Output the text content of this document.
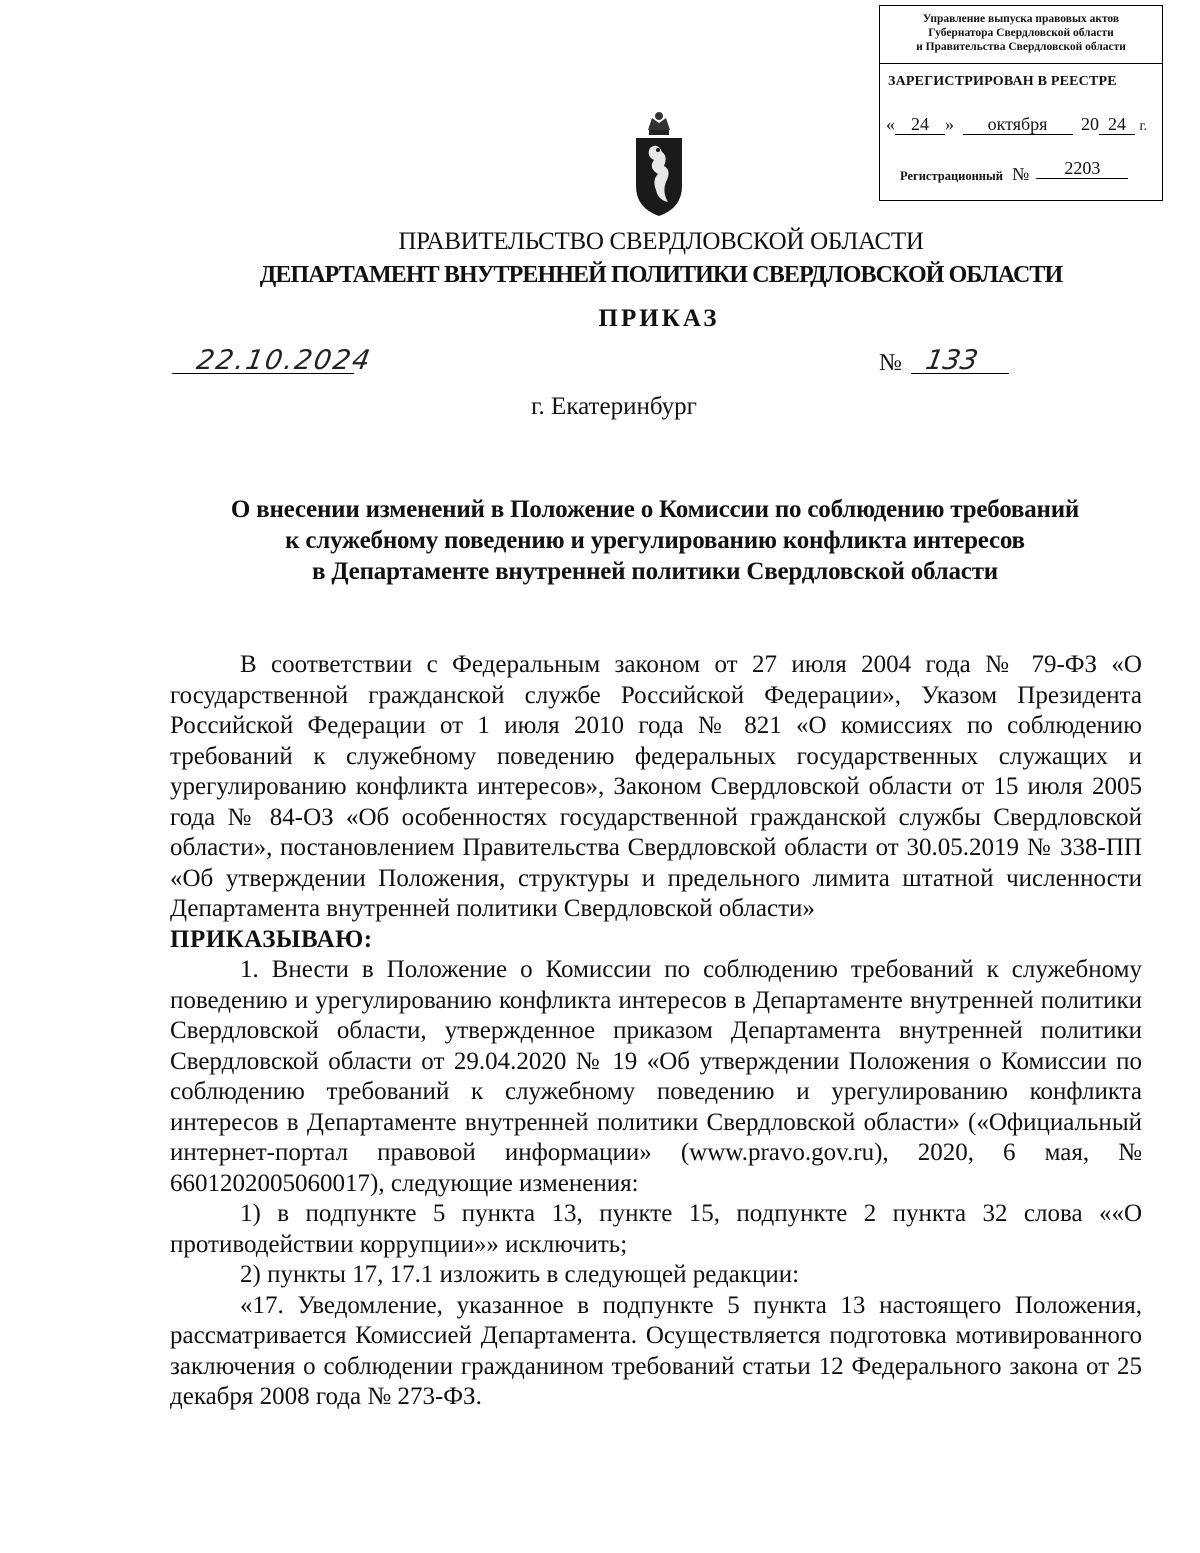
Управление выпуска правовых актов
Губернатора Свердловской области
и Правительства Свердловской области
ЗАРЕГИСТРИРОВАН В РЕЕСТРЕ
« 24 » октября 20 24 г.
Регистрационный № 2203
ПРАВИТЕЛЬСТВО СВЕРДЛОВСКОЙ ОБЛАСТИ
ДЕПАРТАМЕНТ ВНУТРЕННЕЙ ПОЛИТИКИ СВЕРДЛОВСКОЙ ОБЛАСТИ
ПРИКАЗ
22.10.2024	№ 133
г. Екатеринбург
О внесении изменений в Положение о Комиссии по соблюдению требований
к служебному поведению и урегулированию конфликта интересов
в Департаменте внутренней политики Свердловской области

В соответствии с Федеральным законом от 27 июля 2004 года № 79-ФЗ «О государственной гражданской службе Российской Федерации», Указом Президента Российской Федерации от 1 июля 2010 года № 821 «О комиссиях по соблюдению требований к служебному поведению федеральных государственных служащих и урегулированию конфликта интересов», Законом Свердловской области от 15 июля 2005 года № 84-ОЗ «Об особенностях государственной гражданской службы Свердловской области», постановлением Правительства Свердловской области от 30.05.2019 № 338-ПП «Об утверждении Положения, структуры и предельного лимита штатной численности Департамента внутренней политики Свердловской области»

ПРИКАЗЫВАЮ:

1. Внести в Положение о Комиссии по соблюдению требований к служебному поведению и урегулированию конфликта интересов в Департаменте внутренней политики Свердловской области, утвержденное приказом Департамента внутренней политики Свердловской области от 29.04.2020 № 19 «Об утверждении Положения о Комиссии по соблюдению требований к служебному поведению и урегулированию конфликта интересов в Департаменте внутренней политики Свердловской области» («Официальный интернет-портал правовой информации» (www.pravo.gov.ru), 2020, 6 мая, № 6601202005060017), следующие изменения:

1) в подпункте 5 пункта 13, пункте 15, подпункте 2 пункта 32 слова ««О противодействии коррупции»» исключить;

2) пункты 17, 17.1 изложить в следующей редакции:

«17. Уведомление, указанное в подпункте 5 пункта 13 настоящего Положения, рассматривается Комиссией Департамента. Осуществляется подготовка мотивированного заключения о соблюдении гражданином требований статьи 12 Федерального закона от 25 декабря 2008 года № 273-ФЗ.
